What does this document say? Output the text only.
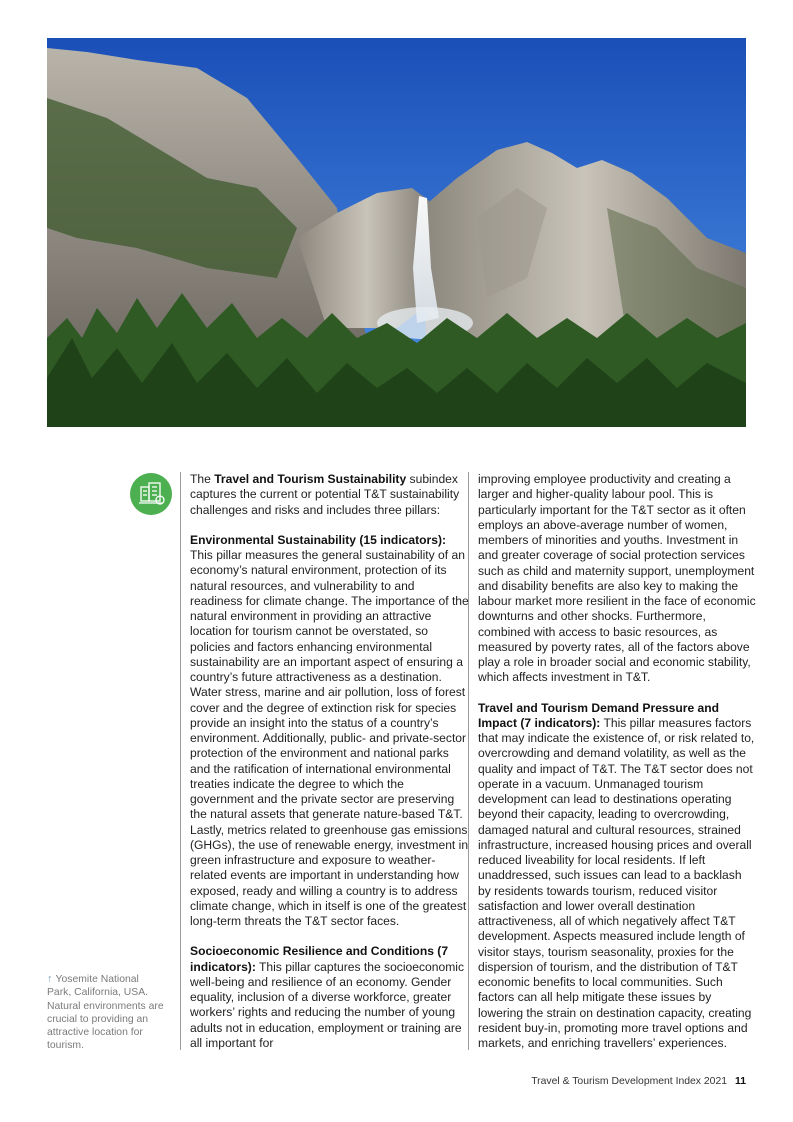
The Travel and Tourism Sustainability subindex captures the current or potential T&T sustainability challenges and risks and includes three pillars:

Environmental Sustainability (15 indicators): This pillar measures the general sustainability of an economy’s natural environment, protection of its natural resources, and vulnerability to and readiness for climate change. The importance of the natural environment in providing an attractive location for tourism cannot be overstated, so policies and factors enhancing environmental sustainability are an important aspect of ensuring a country’s future attractiveness as a destination. Water stress, marine and air pollution, loss of forest cover and the degree of extinction risk for species provide an insight into the status of a country’s environment. Additionally, public- and private-sector protection of the environment and national parks and the ratification of international environmental treaties indicate the degree to which the government and the private sector are preserving the natural assets that generate nature-based T&T. Lastly, metrics related to greenhouse gas emissions (GHGs), the use of renewable energy, investment in green infrastructure and exposure to weather-related events are important in understanding how exposed, ready and willing a country is to address climate change, which in itself is one of the greatest long-term threats the T&T sector faces.

Socioeconomic Resilience and Conditions (7 indicators): This pillar captures the socioeconomic well-being and resilience of an economy. Gender equality, inclusion of a diverse workforce, greater workers’ rights and reducing the number of young adults not in education, employment or training are all important for

improving employee productivity and creating a larger and higher-quality labour pool. This is particularly important for the T&T sector as it often employs an above-average number of women, members of minorities and youths. Investment in and greater coverage of social protection services such as child and maternity support, unemployment and disability benefits are also key to making the labour market more resilient in the face of economic downturns and other shocks. Furthermore, combined with access to basic resources, as measured by poverty rates, all of the factors above play a role in broader social and economic stability, which affects investment in T&T.

Travel and Tourism Demand Pressure and Impact (7 indicators): This pillar measures factors that may indicate the existence of, or risk related to, overcrowding and demand volatility, as well as the quality and impact of T&T. The T&T sector does not operate in a vacuum. Unmanaged tourism development can lead to destinations operating beyond their capacity, leading to overcrowding, damaged natural and cultural resources, strained infrastructure, increased housing prices and overall reduced liveability for local residents. If left unaddressed, such issues can lead to a backlash by residents towards tourism, reduced visitor satisfaction and lower overall destination attractiveness, all of which negatively affect T&T development. Aspects measured include length of visitor stays, tourism seasonality, proxies for the dispersion of tourism, and the distribution of T&T economic benefits to local communities. Such factors can all help mitigate these issues by lowering the strain on destination capacity, creating resident buy-in, promoting more travel options and markets, and enriching travellers’ experiences.

↑ Yosemite National Park, California, USA. Natural environments are crucial to providing an attractive location for tourism.
Travel & Tourism Development Index 2021 11
